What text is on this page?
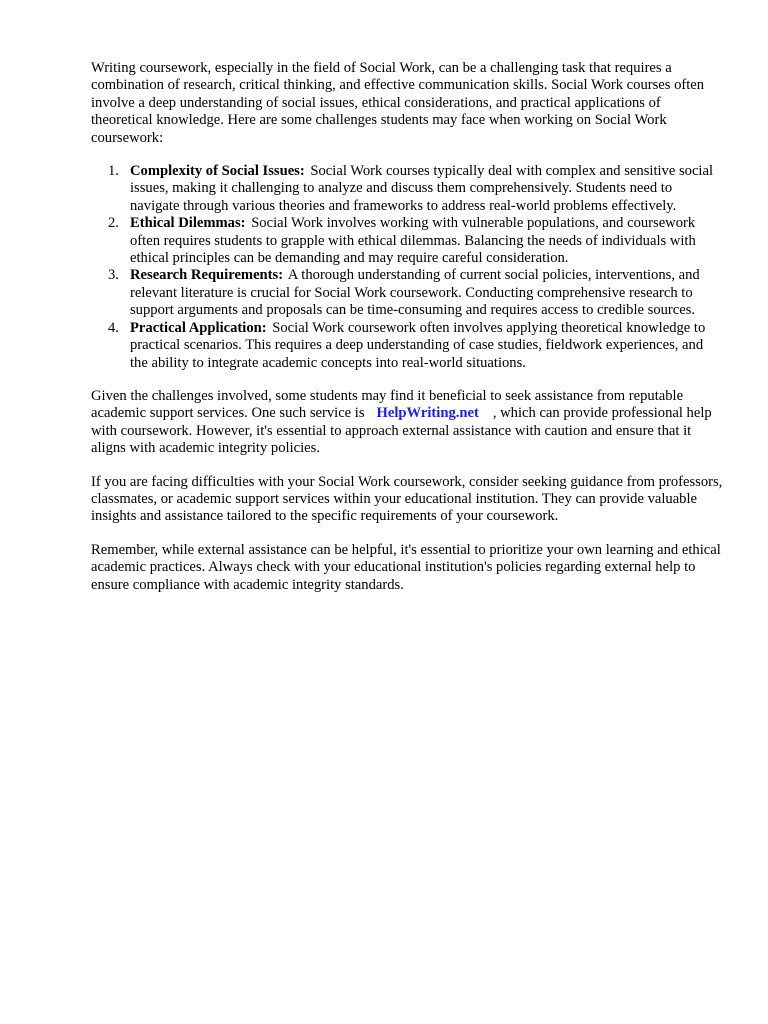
Writing coursework, especially in the field of Social Work, can be a challenging task that requires a combination of research, critical thinking, and effective communication skills. Social Work courses often involve a deep understanding of social issues, ethical considerations, and practical applications of theoretical knowledge. Here are some challenges students may face when working on Social Work coursework:

1. Complexity of Social Issues: Social Work courses typically deal with complex and sensitive social issues, making it challenging to analyze and discuss them comprehensively. Students need to navigate through various theories and frameworks to address real-world problems effectively.
2. Ethical Dilemmas: Social Work involves working with vulnerable populations, and coursework often requires students to grapple with ethical dilemmas. Balancing the needs of individuals with ethical principles can be demanding and may require careful consideration.
3. Research Requirements: A thorough understanding of current social policies, interventions, and relevant literature is crucial for Social Work coursework. Conducting comprehensive research to support arguments and proposals can be time-consuming and requires access to credible sources.
4. Practical Application: Social Work coursework often involves applying theoretical knowledge to practical scenarios. This requires a deep understanding of case studies, fieldwork experiences, and the ability to integrate academic concepts into real-world situations.

Given the challenges involved, some students may find it beneficial to seek assistance from reputable academic support services. One such service is HelpWriting.net , which can provide professional help with coursework. However, it's essential to approach external assistance with caution and ensure that it aligns with academic integrity policies.

If you are facing difficulties with your Social Work coursework, consider seeking guidance from professors, classmates, or academic support services within your educational institution. They can provide valuable insights and assistance tailored to the specific requirements of your coursework.

Remember, while external assistance can be helpful, it's essential to prioritize your own learning and ethical academic practices. Always check with your educational institution's policies regarding external help to ensure compliance with academic integrity standards.
